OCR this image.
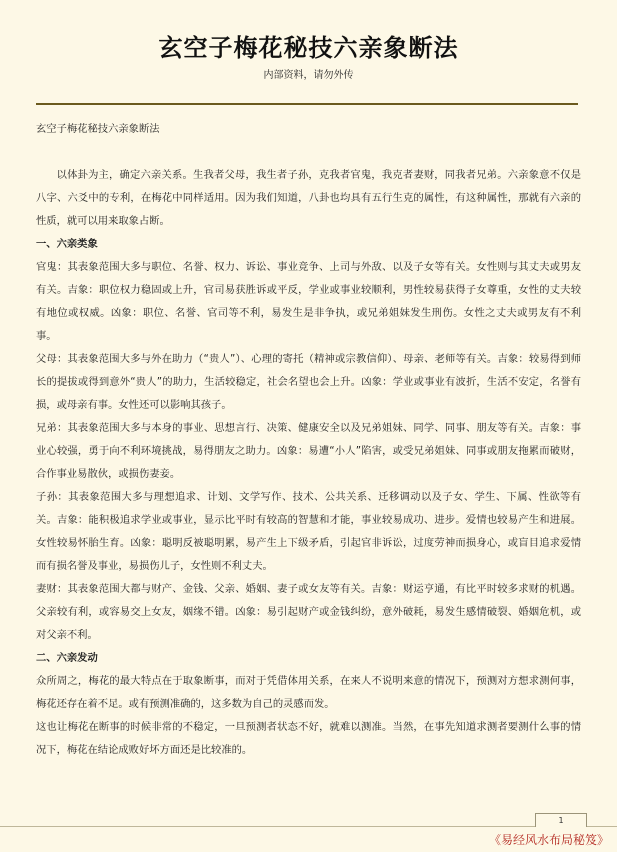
玄空子梅花秘技六亲象断法
内部资料，请勿外传

玄空子梅花秘技六亲象断法

以体卦为主，确定六亲关系。生我者父母，我生者子孙，克我者官鬼，我克者妻财，同我者兄弟。六亲象意不仅是八字、六爻中的专利，在梅花中同样适用。因为我们知道，八卦也均具有五行生克的属性，有这种属性，那就有六亲的性质，就可以用来取象占断。

一、六亲类象

官鬼：其表象范围大多与职位、名誉、权力、诉讼、事业竞争、上司与外敌、以及子女等有关。女性则与其丈夫或男友有关。吉象：职位权力稳固或上升，官司易获胜诉或平反，学业或事业较顺利，男性较易获得子女尊重，女性的丈夫较有地位或权威。凶象：职位、名誉、官司等不利，易发生是非争执，或兄弟姐妹发生刑伤。女性之丈夫或男友有不利事。

父母：其表象范围大多与外在助力（“贵人”）、心理的寄托（精神或宗教信仰）、母亲、老师等有关。吉象：较易得到师长的提拔或得到意外“贵人”的助力，生活较稳定，社会名望也会上升。凶象：学业或事业有波折，生活不安定，名誉有损，或母亲有事。女性还可以影响其孩子。

兄弟：其表象范围大多与本身的事业、思想言行、决策、健康安全以及兄弟姐妹、同学、同事、朋友等有关。吉象：事业心较强，勇于向不利环境挑战，易得朋友之助力。凶象：易遭“小人”陷害，或受兄弟姐妹、同事或朋友拖累而破财，合作事业易散伙，或损伤妻妾。

子孙：其表象范围大多与理想追求、计划、文学写作、技术、公共关系、迁移调动以及子女、学生、下属、性欲等有关。吉象：能积极追求学业或事业，显示比平时有较高的智慧和才能，事业较易成功、进步。爱情也较易产生和进展。女性较易怀胎生育。凶象：聪明反被聪明累，易产生上下级矛盾，引起官非诉讼，过度劳神而损身心，或盲目追求爱情而有损名誉及事业，易损伤儿子，女性则不利丈夫。

妻财：其表象范围大都与财产、金钱、父亲、婚姻、妻子或女友等有关。吉象：财运亨通，有比平时较多求财的机遇。父亲较有利，或容易交上女友，姻缘不错。凶象：易引起财产或金钱纠纷，意外破耗，易发生感情破裂、婚姻危机，或对父亲不利。

二、六亲发动

众所周之，梅花的最大特点在于取象断事，而对于凭借体用关系，在来人不说明来意的情况下，预测对方想求测何事，梅花还存在着不足。或有预测准确的，这多数为自己的灵感而发。

这也让梅花在断事的时候非常的不稳定，一旦预测者状态不好，就难以测准。当然，在事先知道求测者要测什么事的情况下，梅花在结论成败好坏方面还是比较准的。

1
《易经风水布局秘笈》
